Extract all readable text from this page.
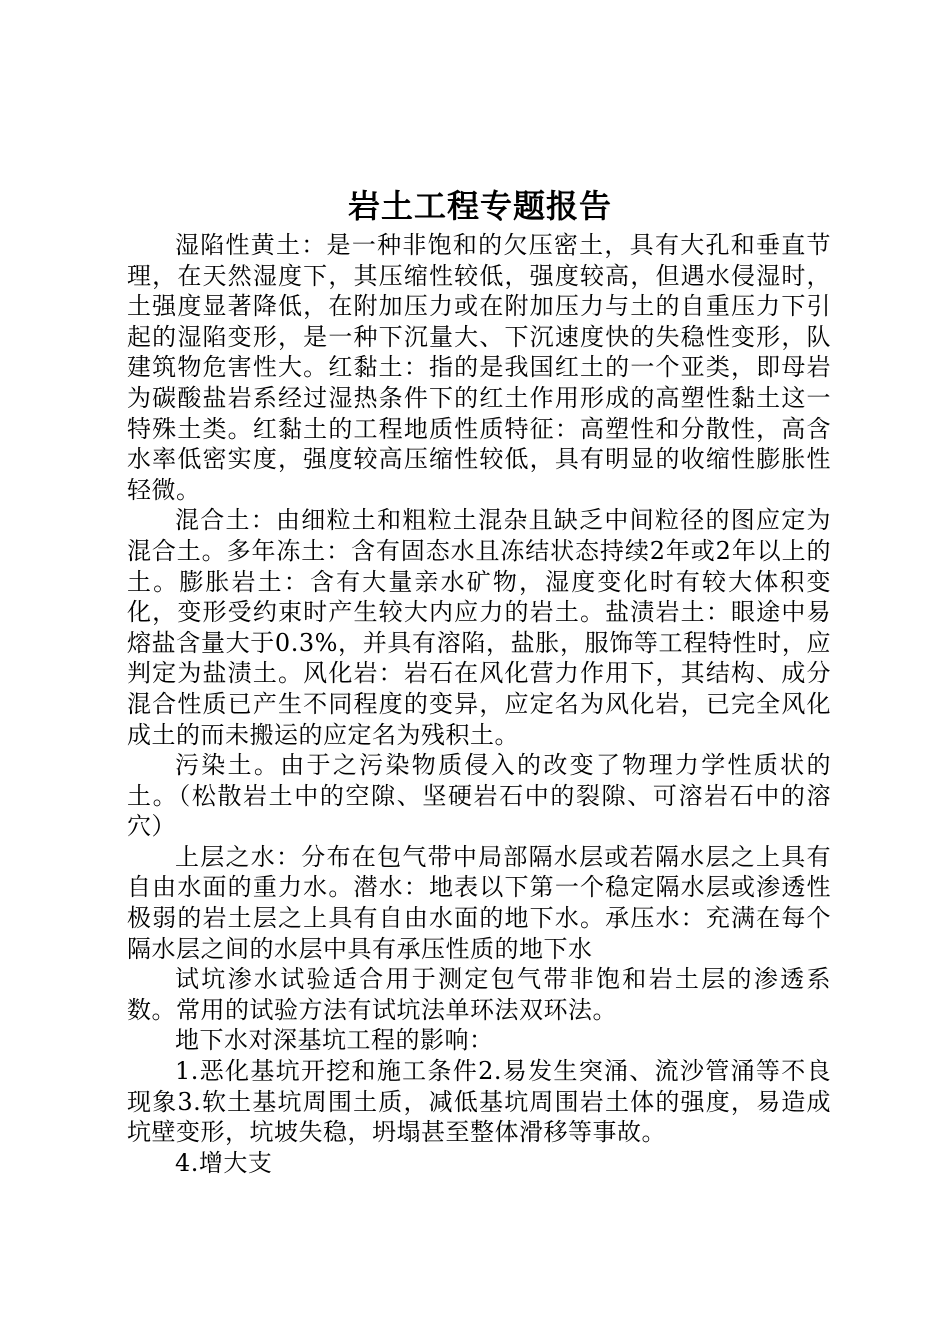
岩土工程专题报告

湿陷性黄土：是一种非饱和的欠压密土，具有大孔和垂直节理，在天然湿度下，其压缩性较低，强度较高，但遇水侵湿时，土强度显著降低，在附加压力或在附加压力与土的自重压力下引起的湿陷变形，是一种下沉量大、下沉速度快的失稳性变形，队建筑物危害性大。红黏土：指的是我国红土的一个亚类，即母岩为碳酸盐岩系经过湿热条件下的红土作用形成的高塑性黏土这一特殊土类。红黏土的工程地质性质特征：高塑性和分散性，高含水率低密实度，强度较高压缩性较低，具有明显的收缩性膨胀性轻微。

混合土：由细粒土和粗粒土混杂且缺乏中间粒径的图应定为混合土。多年冻土：含有固态水且冻结状态持续2年或2年以上的土。膨胀岩土：含有大量亲水矿物，湿度变化时有较大体积变化，变形受约束时产生较大内应力的岩土。盐渍岩土：眼途中易熔盐含量大于0.3%，并具有溶陷，盐胀，服饰等工程特性时，应判定为盐渍土。风化岩：岩石在风化营力作用下，其结构、成分混合性质已产生不同程度的变异，应定名为风化岩，已完全风化成土的而未搬运的应定名为残积土。

污染土。由于之污染物质侵入的改变了物理力学性质状的土。（松散岩土中的空隙、坚硬岩石中的裂隙、可溶岩石中的溶穴）

上层之水：分布在包气带中局部隔水层或若隔水层之上具有自由水面的重力水。潜水：地表以下第一个稳定隔水层或渗透性极弱的岩土层之上具有自由水面的地下水。承压水：充满在每个隔水层之间的水层中具有承压性质的地下水

试坑渗水试验适合用于测定包气带非饱和岩土层的渗透系数。常用的试验方法有试坑法单环法双环法。

地下水对深基坑工程的影响：

1.恶化基坑开挖和施工条件2.易发生突涌、流沙管涌等不良现象3.软土基坑周围土质，减低基坑周围岩土体的强度，易造成坑壁变形，坑坡失稳，坍塌甚至整体滑移等事故。

4.增大支
